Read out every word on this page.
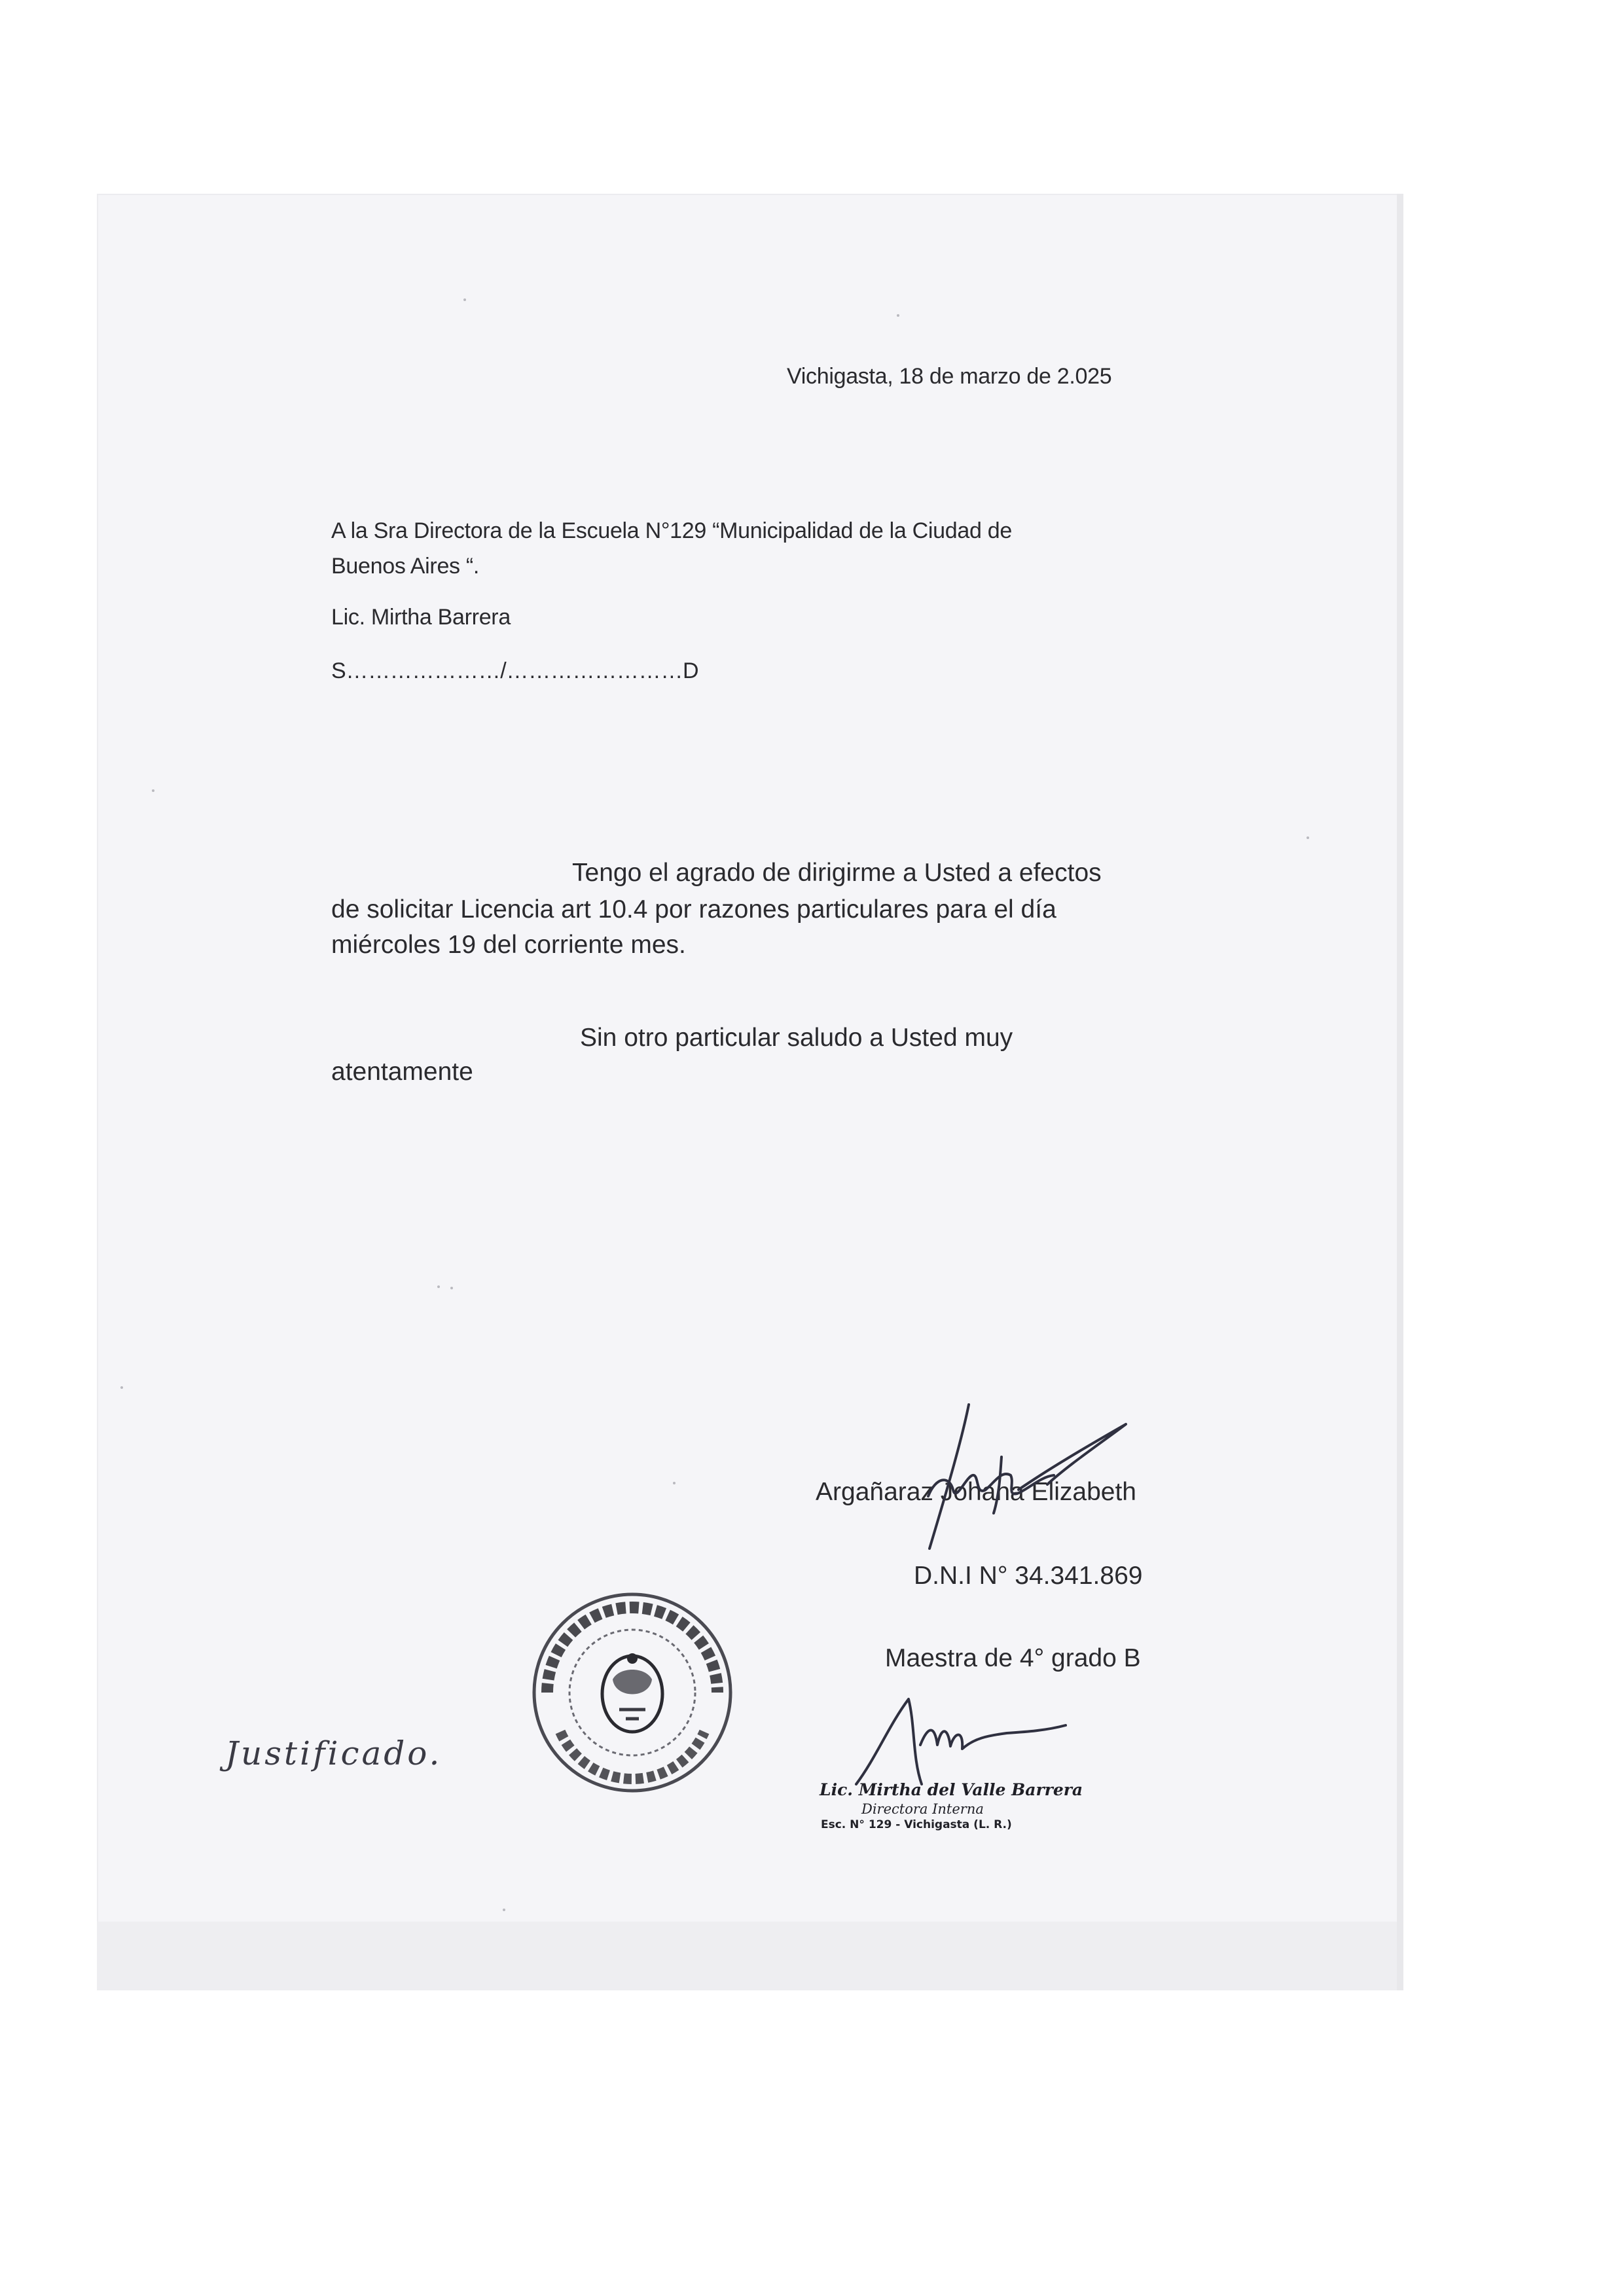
Vichigasta, 18 de marzo de 2.025
A la Sra Directora de la Escuela N°129 “Municipalidad de la Ciudad de
Buenos Aires “.
Lic. Mirtha Barrera
S…………………/……………………D
Tengo el agrado de dirigirme a Usted a efectos
de solicitar Licencia art 10.4 por razones particulares para el día
miércoles 19 del corriente mes.
Sin otro particular saludo a Usted muy
atentamente
Argañaraz Johana Elizabeth
D.N.I N° 34.341.869
Maestra de 4° grado B
Justificado.
Lic. Mirtha del Valle Barrera
Directora Interna
Esc. N° 129 - Vichigasta (L. R.)
